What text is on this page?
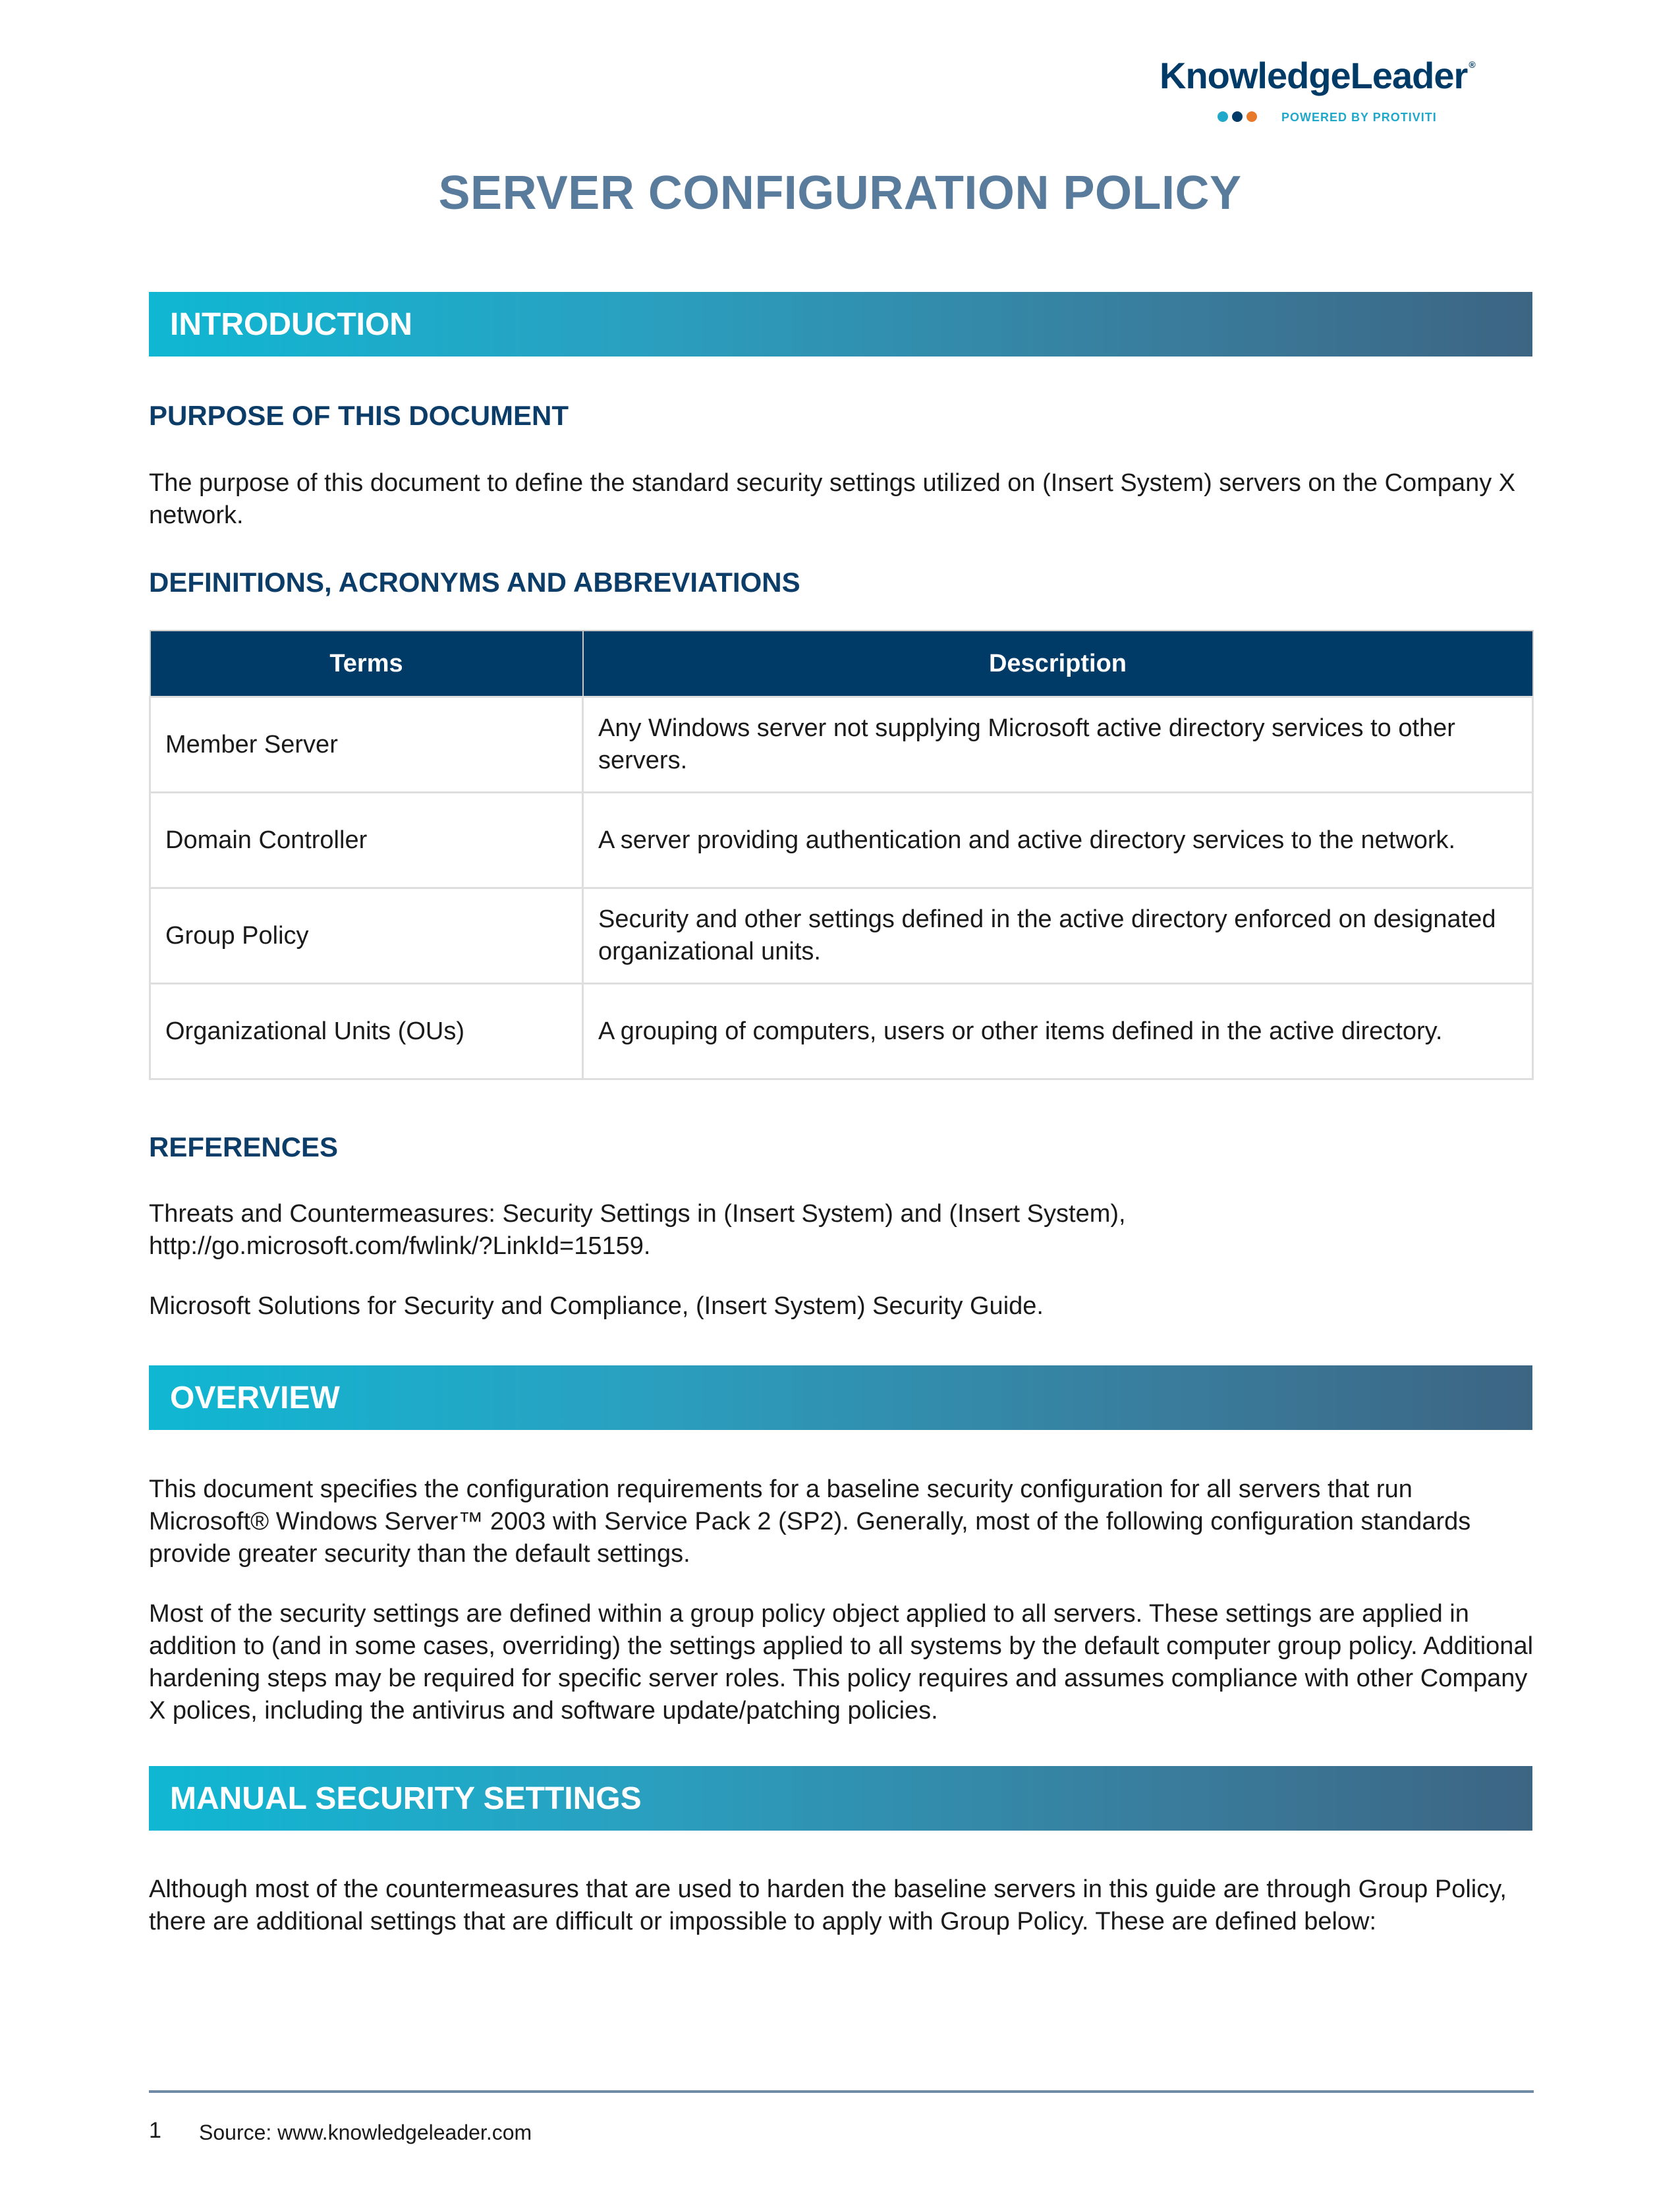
KnowledgeLeader ®
POWERED BY PROTIVITI
SERVER CONFIGURATION POLICY
INTRODUCTION
PURPOSE OF THIS DOCUMENT
The purpose of this document to define the standard security settings utilized on (Insert System) servers on the Company X network.
DEFINITIONS, ACRONYMS AND ABBREVIATIONS
Terms	Description
Member Server	Any Windows server not supplying Microsoft active directory services to other servers.
Domain Controller	A server providing authentication and active directory services to the network.
Group Policy	Security and other settings defined in the active directory enforced on designated organizational units.
Organizational Units (OUs)	A grouping of computers, users or other items defined in the active directory.
REFERENCES
Threats and Countermeasures: Security Settings in (Insert System) and (Insert System), http://go.microsoft.com/fwlink/?LinkId=15159.
Microsoft Solutions for Security and Compliance, (Insert System) Security Guide.
OVERVIEW
This document specifies the configuration requirements for a baseline security configuration for all servers that run Microsoft® Windows Server™ 2003 with Service Pack 2 (SP2). Generally, most of the following configuration standards provide greater security than the default settings.
Most of the security settings are defined within a group policy object applied to all servers. These settings are applied in addition to (and in some cases, overriding) the settings applied to all systems by the default computer group policy. Additional hardening steps may be required for specific server roles. This policy requires and assumes compliance with other Company X polices, including the antivirus and software update/patching policies.
MANUAL SECURITY SETTINGS
Although most of the countermeasures that are used to harden the baseline servers in this guide are through Group Policy, there are additional settings that are difficult or impossible to apply with Group Policy. These are defined below:
1 Source: www.knowledgeleader.com
